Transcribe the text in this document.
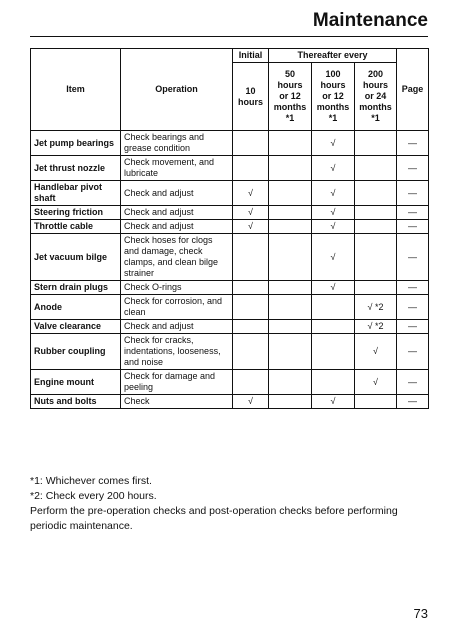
Maintenance
Item	Operation	Initial	Thereafter every			Page
		10 hours	50 hours or 12 months *1	100 hours or 12 months *1	200 hours or 24 months *1	
Jet pump bearings	Check bearings and grease condition			√		—
Jet thrust nozzle	Check movement, and lubricate			√		—
Handlebar pivot shaft	Check and adjust	√		√		—
Steering friction	Check and adjust	√		√		—
Throttle cable	Check and adjust	√		√		—
Jet vacuum bilge	Check hoses for clogs and damage, check clamps, and clean bilge strainer			√		—
Stern drain plugs	Check O-rings			√		—
Anode	Check for corrosion, and clean				√ *2	—
Valve clearance	Check and adjust				√ *2	—
Rubber coupling	Check for cracks, indentations, looseness, and noise				√	—
Engine mount	Check for damage and peeling				√	—
Nuts and bolts	Check	√		√		—

*1: Whichever comes first.

*2: Check every 200 hours.

Perform the pre-operation checks and post-operation checks before performing periodic maintenance.

73
